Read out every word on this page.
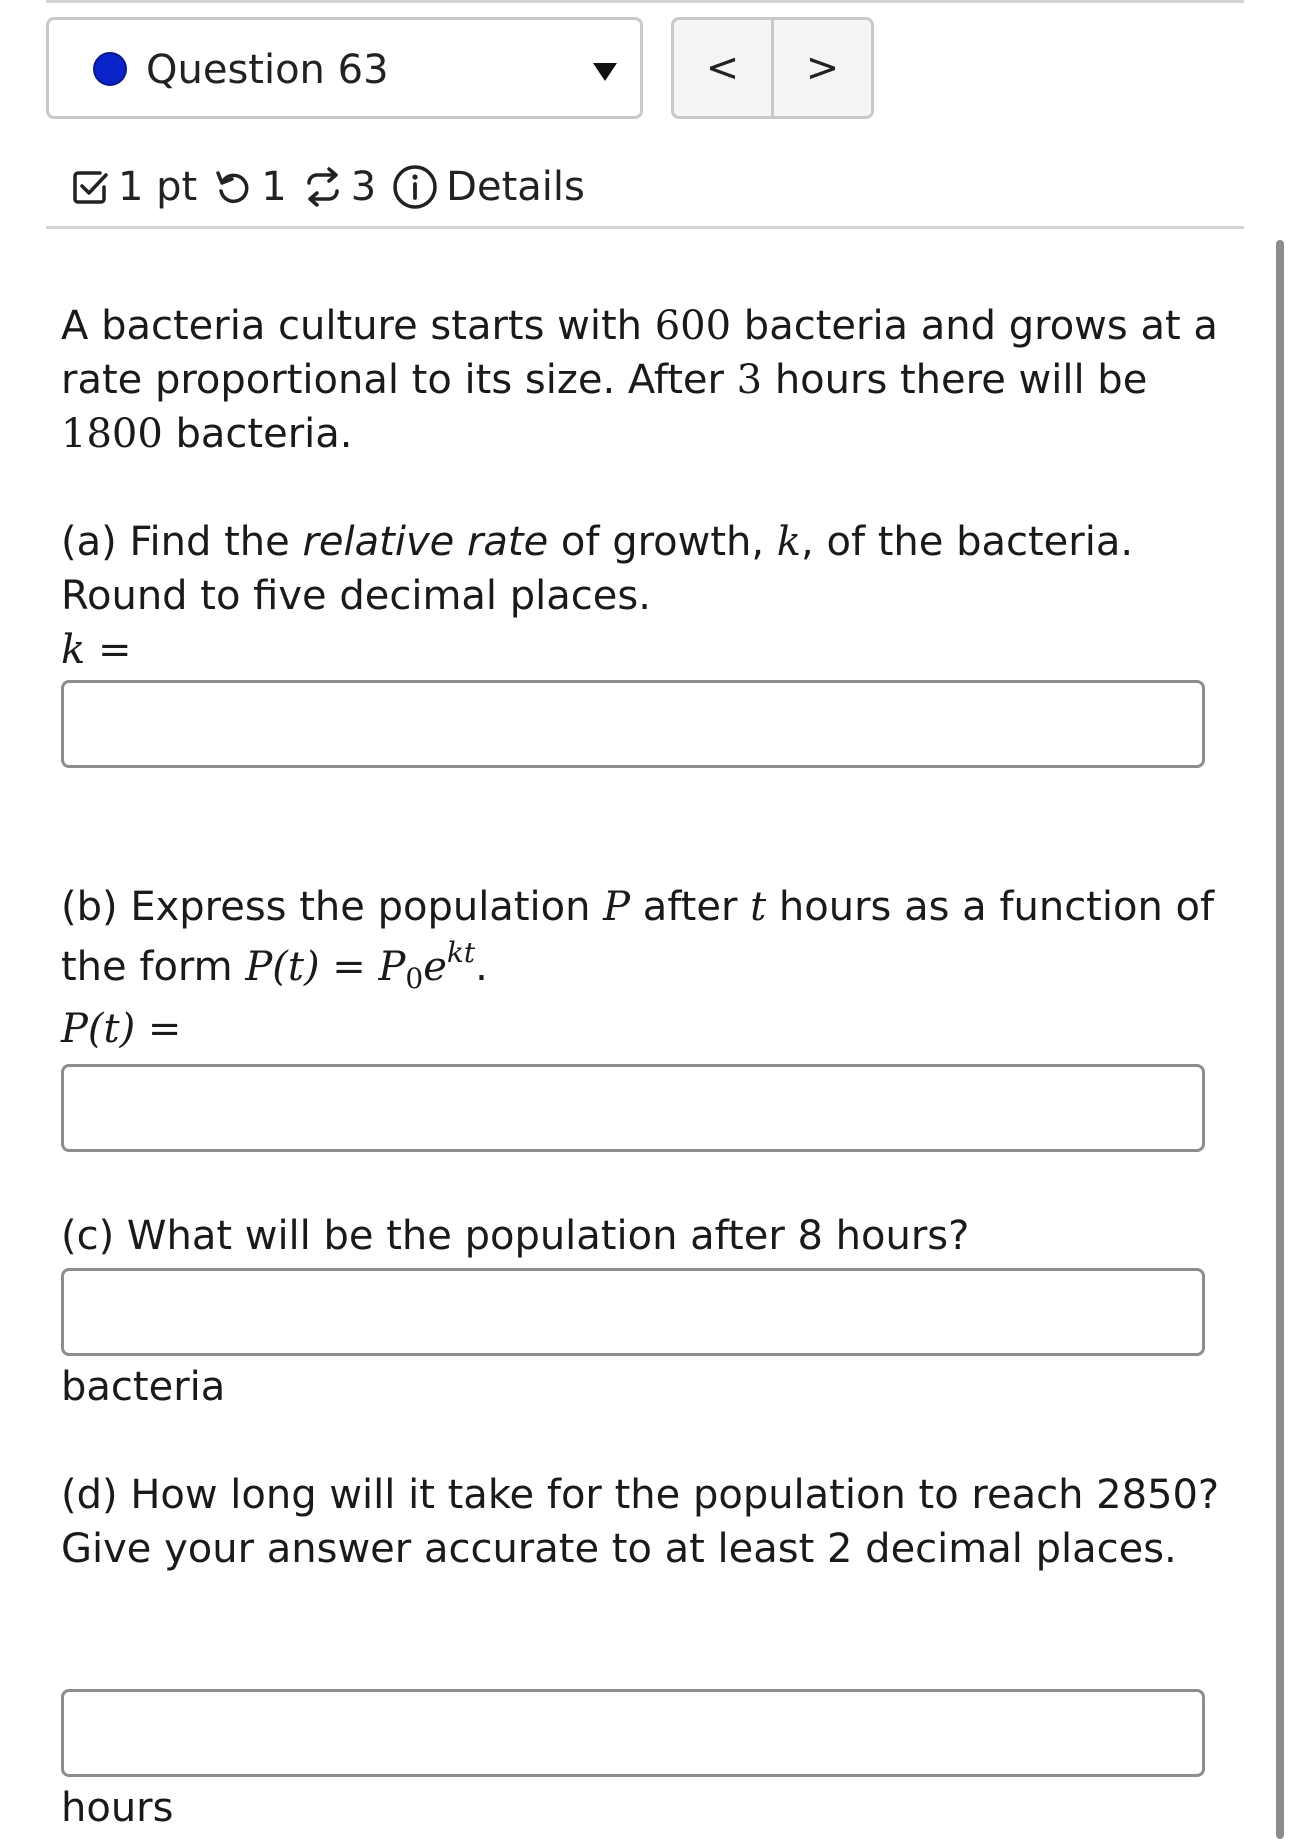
Question 63	<	>
1 pt 1 3 Details
A bacteria culture starts with 600 bacteria and grows at a
rate proportional to its size. After 3 hours there will be
1800 bacteria.
(a) Find the relative rate of growth, k, of the bacteria.
Round to five decimal places.
k =
(b) Express the population P after t hours as a function of
the form $P(t) = P_0e^{kt}$.
P(t) =
(c) What will be the population after 8 hours?
bacteria
(d) How long will it take for the population to reach 2850?
Give your answer accurate to at least 2 decimal places.
hours
